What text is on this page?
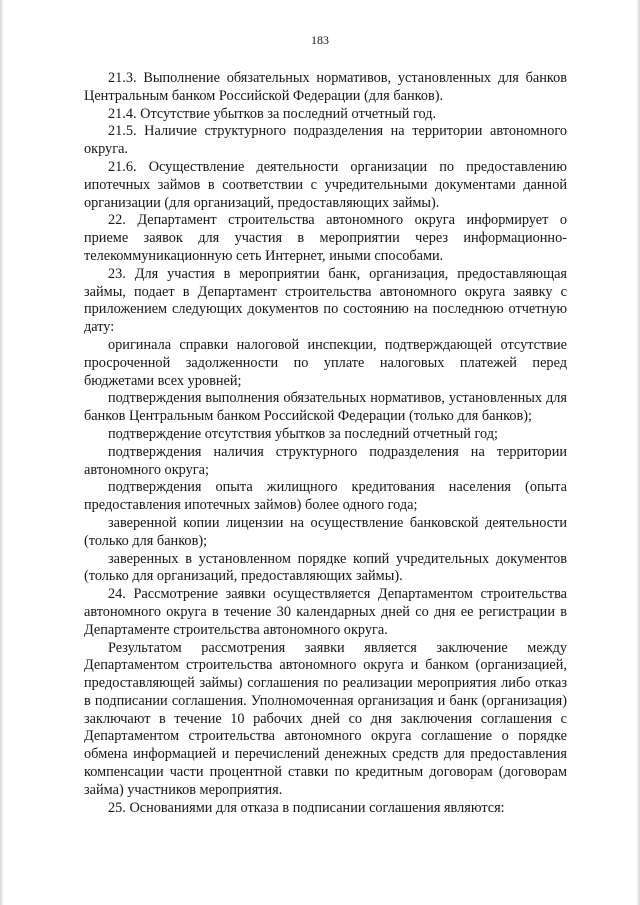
183

21.3. Выполнение обязательных нормативов, установленных для банков Центральным банком Российской Федерации (для банков).

21.4. Отсутствие убытков за последний отчетный год.

21.5. Наличие структурного подразделения на территории автономного округа.

21.6. Осуществление деятельности организации по предоставлению ипотечных займов в соответствии с учредительными документами данной организации (для организаций, предоставляющих займы).

22. Департамент строительства автономного округа информирует о приеме заявок для участия в мероприятии через информационно-телекоммуникационную сеть Интернет, иными способами.

23. Для участия в мероприятии банк, организация, предоставляющая займы, подает в Департамент строительства автономного округа заявку с приложением следующих документов по состоянию на последнюю отчетную дату:

оригинала справки налоговой инспекции, подтверждающей отсутствие просроченной задолженности по уплате налоговых платежей перед бюджетами всех уровней;

подтверждения выполнения обязательных нормативов, установленных для банков Центральным банком Российской Федерации (только для банков);

подтверждение отсутствия убытков за последний отчетный год;

подтверждения наличия структурного подразделения на территории автономного округа;

подтверждения опыта жилищного кредитования населения (опыта предоставления ипотечных займов) более одного года;

заверенной копии лицензии на осуществление банковской деятельности (только для банков);

заверенных в установленном порядке копий учредительных документов (только для организаций, предоставляющих займы).

24. Рассмотрение заявки осуществляется Департаментом строительства автономного округа в течение 30 календарных дней со дня ее регистрации в Департаменте строительства автономного округа.

Результатом рассмотрения заявки является заключение между Департаментом строительства автономного округа и банком (организацией, предоставляющей займы) соглашения по реализации мероприятия либо отказ в подписании соглашения. Уполномоченная организация и банк (организация) заключают в течение 10 рабочих дней со дня заключения соглашения с Департаментом строительства автономного округа соглашение о порядке обмена информацией и перечислений денежных средств для предоставления компенсации части процентной ставки по кредитным договорам (договорам займа) участников мероприятия.

25. Основаниями для отказа в подписании соглашения являются:
